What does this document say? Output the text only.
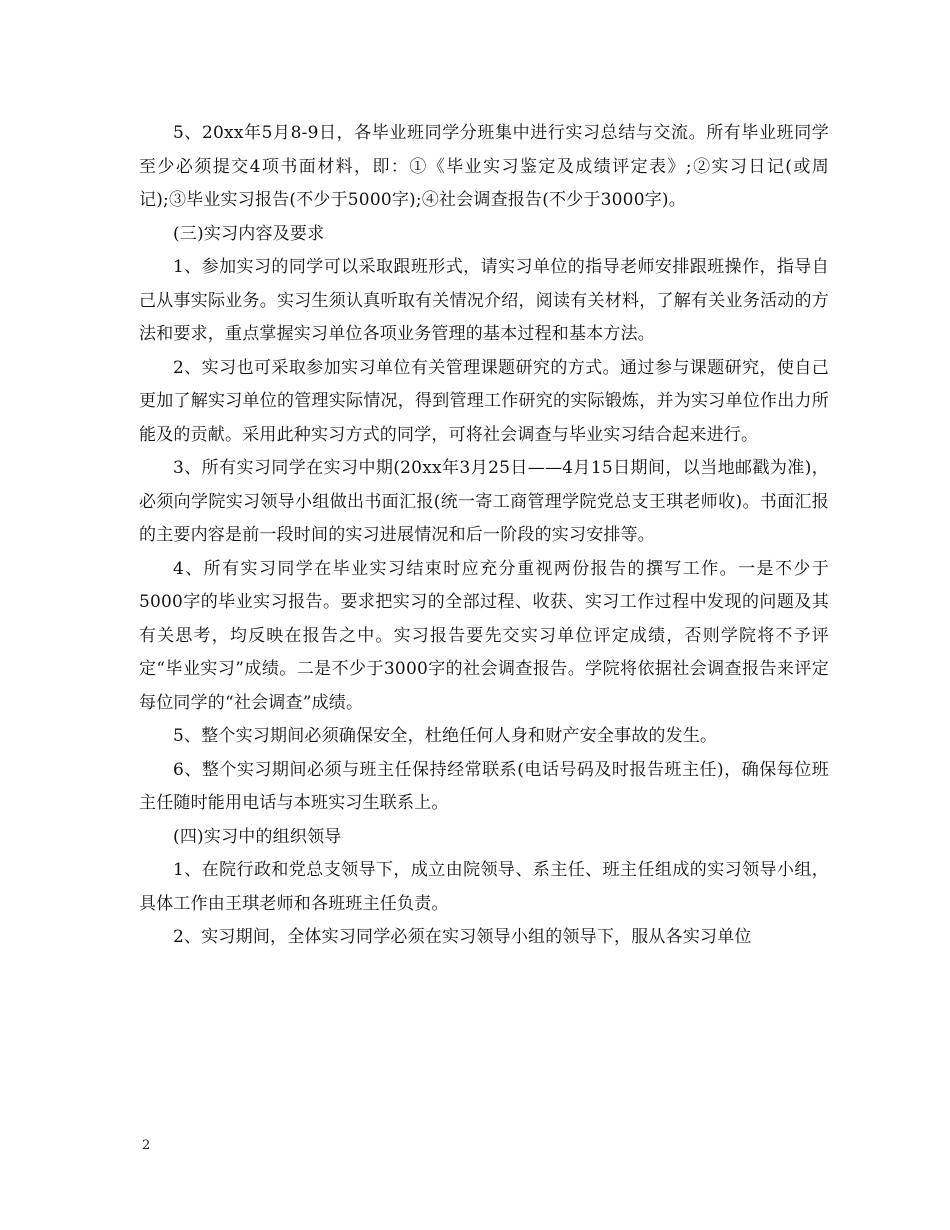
5、20xx年5月8-9日，各毕业班同学分班集中进行实习总结与交流。所有毕业班同学至少必须提交4项书面材料，即：①《毕业实习鉴定及成绩评定表》;②实习日记(或周记);③毕业实习报告(不少于5000字);④社会调查报告(不少于3000字)。

(三)实习内容及要求

1、参加实习的同学可以采取跟班形式，请实习单位的指导老师安排跟班操作，指导自己从事实际业务。实习生须认真听取有关情况介绍，阅读有关材料，了解有关业务活动的方法和要求，重点掌握实习单位各项业务管理的基本过程和基本方法。

2、实习也可采取参加实习单位有关管理课题研究的方式。通过参与课题研究，使自己更加了解实习单位的管理实际情况，得到管理工作研究的实际锻炼，并为实习单位作出力所能及的贡献。采用此种实习方式的同学，可将社会调查与毕业实习结合起来进行。

3、所有实习同学在实习中期(20xx年3月25日——4月15日期间，以当地邮戳为准)，必须向学院实习领导小组做出书面汇报(统一寄工商管理学院党总支王琪老师收)。书面汇报的主要内容是前一段时间的实习进展情况和后一阶段的实习安排等。

4、所有实习同学在毕业实习结束时应充分重视两份报告的撰写工作。一是不少于5000字的毕业实习报告。要求把实习的全部过程、收获、实习工作过程中发现的问题及其有关思考，均反映在报告之中。实习报告要先交实习单位评定成绩，否则学院将不予评定“毕业实习”成绩。二是不少于3000字的社会调查报告。学院将依据社会调查报告来评定每位同学的“社会调查”成绩。

5、整个实习期间必须确保安全，杜绝任何人身和财产安全事故的发生。

6、整个实习期间必须与班主任保持经常联系(电话号码及时报告班主任)，确保每位班主任随时能用电话与本班实习生联系上。

(四)实习中的组织领导

1、在院行政和党总支领导下，成立由院领导、系主任、班主任组成的实习领导小组，具体工作由王琪老师和各班班主任负责。

2、实习期间，全体实习同学必须在实习领导小组的领导下，服从各实习单位

2
